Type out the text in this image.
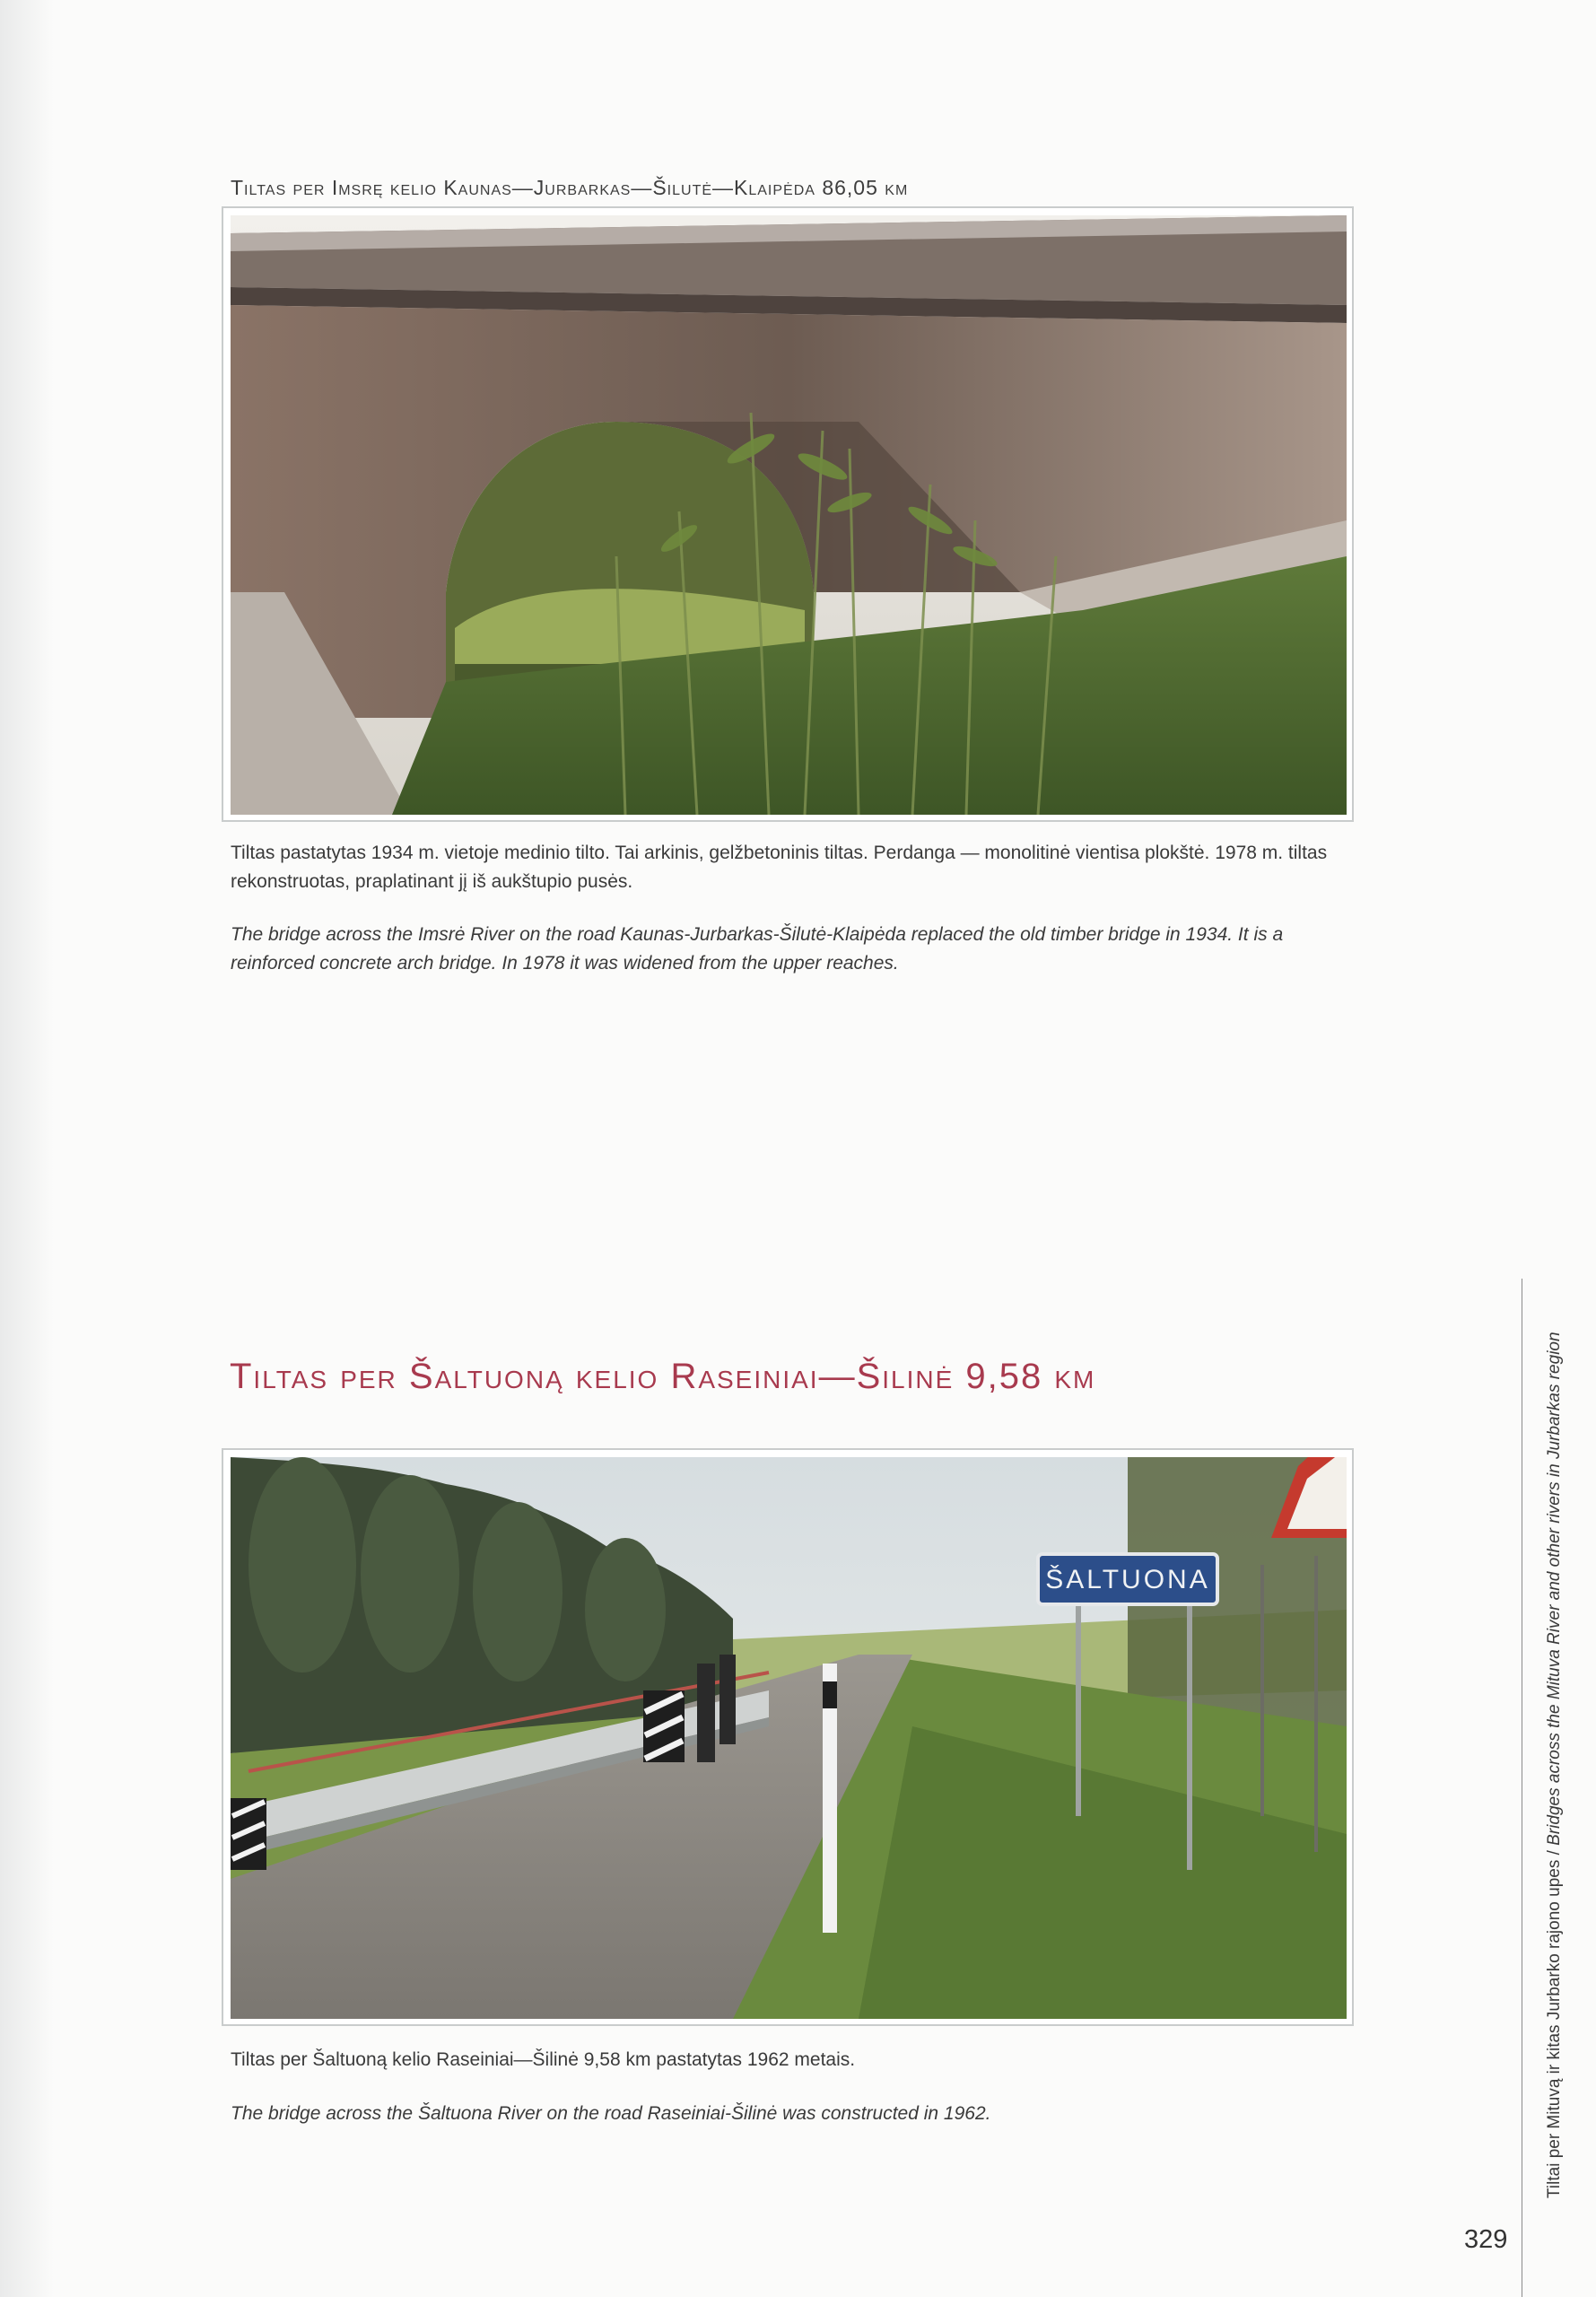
Tiltas per Imsrę kelio Kaunas—Jurbarkas—Šilutė—Klaipėda 86,05 km
Tiltas pastatytas 1934 m. vietoje medinio tilto. Tai arkinis, gelžbetoninis tiltas. Perdanga — monolitinė vientisa plokštė. 1978 m. tiltas rekonstruotas, praplatinant jį iš aukštupio pusės.
The bridge across the Imsrė River on the road Kaunas-Jurbarkas-Šilutė-Klaipėda replaced the old timber bridge in 1934. It is a reinforced concrete arch bridge. In 1978 it was widened from the upper reaches.
Tiltas per Šaltuoną kelio Raseiniai—Šilinė 9,58 km
ŠALTUONA
Tiltas per Šaltuoną kelio Raseiniai—Šilinė 9,58 km pastatytas 1962 metais.
The bridge across the Šaltuona River on the road Raseiniai-Šilinė was constructed in 1962.	Tiltai per Mituvą ir kitas Jurbarko rajono upes / Bridges across the Mituva River and other rivers in Jurbarkas region
329
